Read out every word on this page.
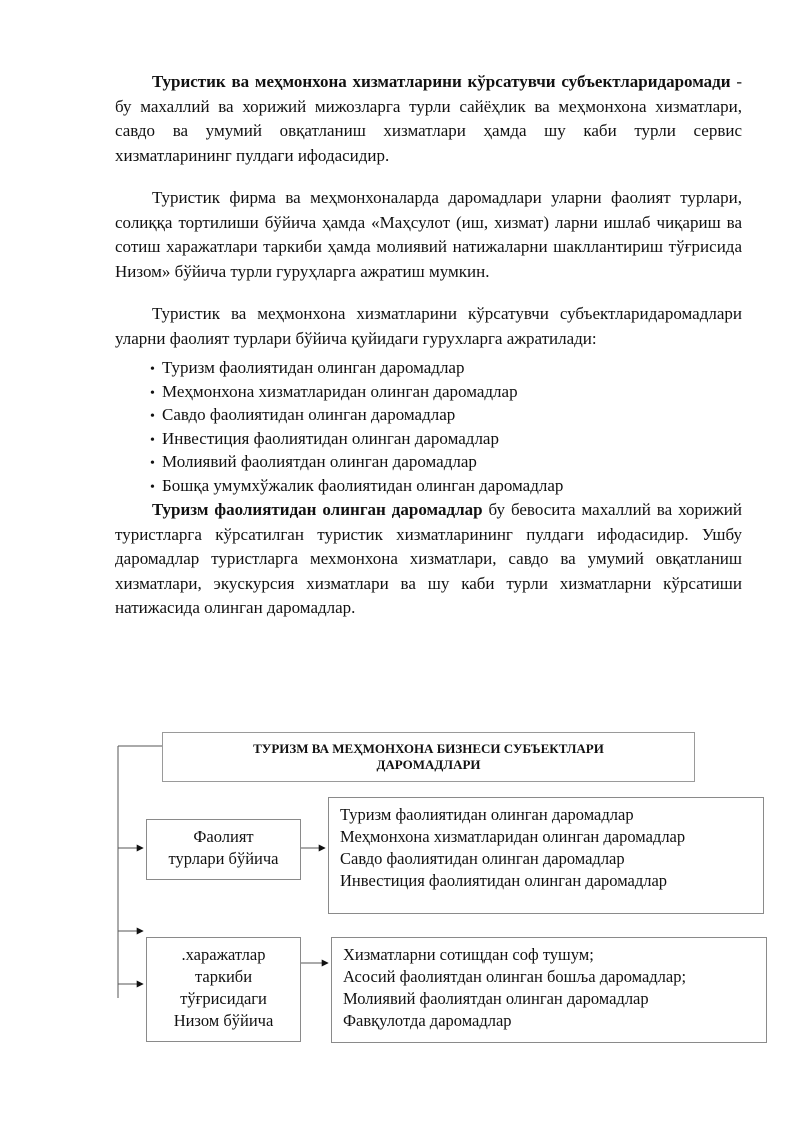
Туристик ва меҳмонхона хизматларини кўрсатувчи субъектларидаромади - бу махаллий ва хорижий мижозларга турли сайёҳлик ва меҳмонхона хизматлари, савдо ва умумий овқатланиш хизматлари ҳамда шу каби турли сервис хизматларининг пулдаги ифодасидир.

Туристик фирма ва меҳмонхоналарда даромадлари уларни фаолият турлари, солиққа тортилиши бўйича ҳамда «Маҳсулот (иш, хизмат) ларни ишлаб чиқариш ва сотиш харажатлари таркиби ҳамда молиявий натижаларни шакллантириш тўғрисида Низом» бўйича турли гуруҳларга ажратиш мумкин.

Туристик ва меҳмонхона хизматларини кўрсатувчи субъектларидаромадлари уларни фаолият турлари бўйича қуйидаги гурухларга ажратилади:

• Туризм фаолиятидан олинган даромадлар
• Меҳмонхона хизматларидан олинган даромадлар
• Савдо фаолиятидан олинган даромадлар
• Инвестиция фаолиятидан олинган даромадлар
• Молиявий фаолиятдан олинган даромадлар
• Бошқа умумхўжалик фаолиятидан олинган даромадлар

Туризм фаолиятидан олинган даромадлар бу бевосита махаллий ва хорижий туристларга кўрсатилган туристик хизматларининг пулдаги ифодасидир. Ушбу даромадлар туристларга мехмонхона хизматлари, савдо ва умумий овқатланиш хизматлари, экускурсия хизматлари ва шу каби турли хизматларни кўрсатиши натижасида олинган даромадлар.

ТУРИЗМ ВА МЕҲМОНХОНА БИЗНЕСИ СУБЪЕКТЛАРИ
ДАРОМАДЛАРИ
Фаолият
турлари бўйича
.харажатлар
таркиби
тўғрисидаги
Низом бўйича
Туризм фаолиятидан олинган даромадлар
Меҳмонхона хизматларидан олинган даромадлар
Савдо фаолиятидан олинган даромадлар
Инвестиция фаолиятидан олинган даромадлар
Хизматларни сотищдан соф тушум;
Асосий фаолиятдан олинган бошљa даромадлар;
Молиявий фаолиятдан олинган даромадлар
Фавқулотда даромадлар
